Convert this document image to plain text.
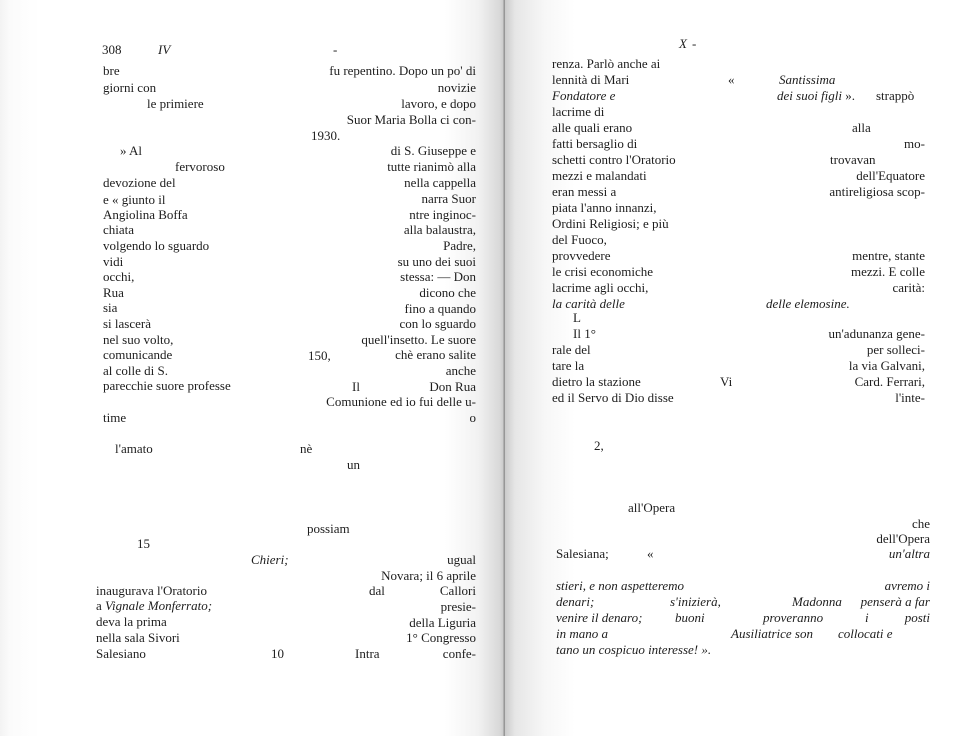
308	IV	-
bre
giorni con
le primiere
» Al
fervoroso
devozione del
e « giunto il
Angiolina Boffa
chiata
volgendo lo sguardo
vidi
occhi,
Rua
sia
si lascerà
nel suo volto,
comunicande
al colle di S.
parecchie suore professe
time
l'amato
15
inaugurava l'Oratorio
a Vignale Monferrato;
deva la prima
nella sala Sivori
Salesiano
fu repentino. Dopo un po' di
novizie
lavoro, e dopo
Suor Maria Bolla ci con-
di S. Giuseppe e
tutte rianimò alla
nella cappella
narra Suor
ntre inginoc-
alla balaustra,
Padre,
su uno dei suoi
stessa: — Don
dicono che
fino a quando
con lo sguardo
quell'insetto. Le suore
chè erano salite
anche
Don Rua
Comunione ed io fui delle u-
o
ugual
Novara; il 6 aprile
Callori
presie-
della Liguria
1° Congresso
confe-
1930.
150,
Il
nè
un
possiam
Chieri;
dal
10	Intra
X -
renza. Parlò anche ai
lennità di Mari
Fondatore e
lacrime di
alle quali erano
fatti bersaglio di
schetti contro l'Oratorio
mezzi e malandati
eran messi a
piata l'anno innanzi,
Ordini Religiosi; e più
del Fuoco,
provvedere
le crisi economiche
lacrime agli occhi,
la carità delle
L
Il 1°
rale del
tare la
dietro la stazione
ed il Servo di Dio disse
Santissima
dei suoi figli ». strappò
alla
mo-
trovavan
dell'Equatore
antireligiosa scop-
mentre, stante
mezzi. E colle
carità:
delle elemosine.
un'adunanza gene-
per solleci-
la via Galvani,
Card. Ferrari,
l'inte-
«
Vi
2,
all'Opera
che
dell'Opera
Salesiana;	«	un'altra
stieri, e non aspetteremo	avremo i
denari;	s'inizierà,	Madonna penserà a far
venire il denaro;	buoni	proveranno	i	posti
in mano a	Ausiliatrice son collocati e
tano un cospicuo interesse! ».
